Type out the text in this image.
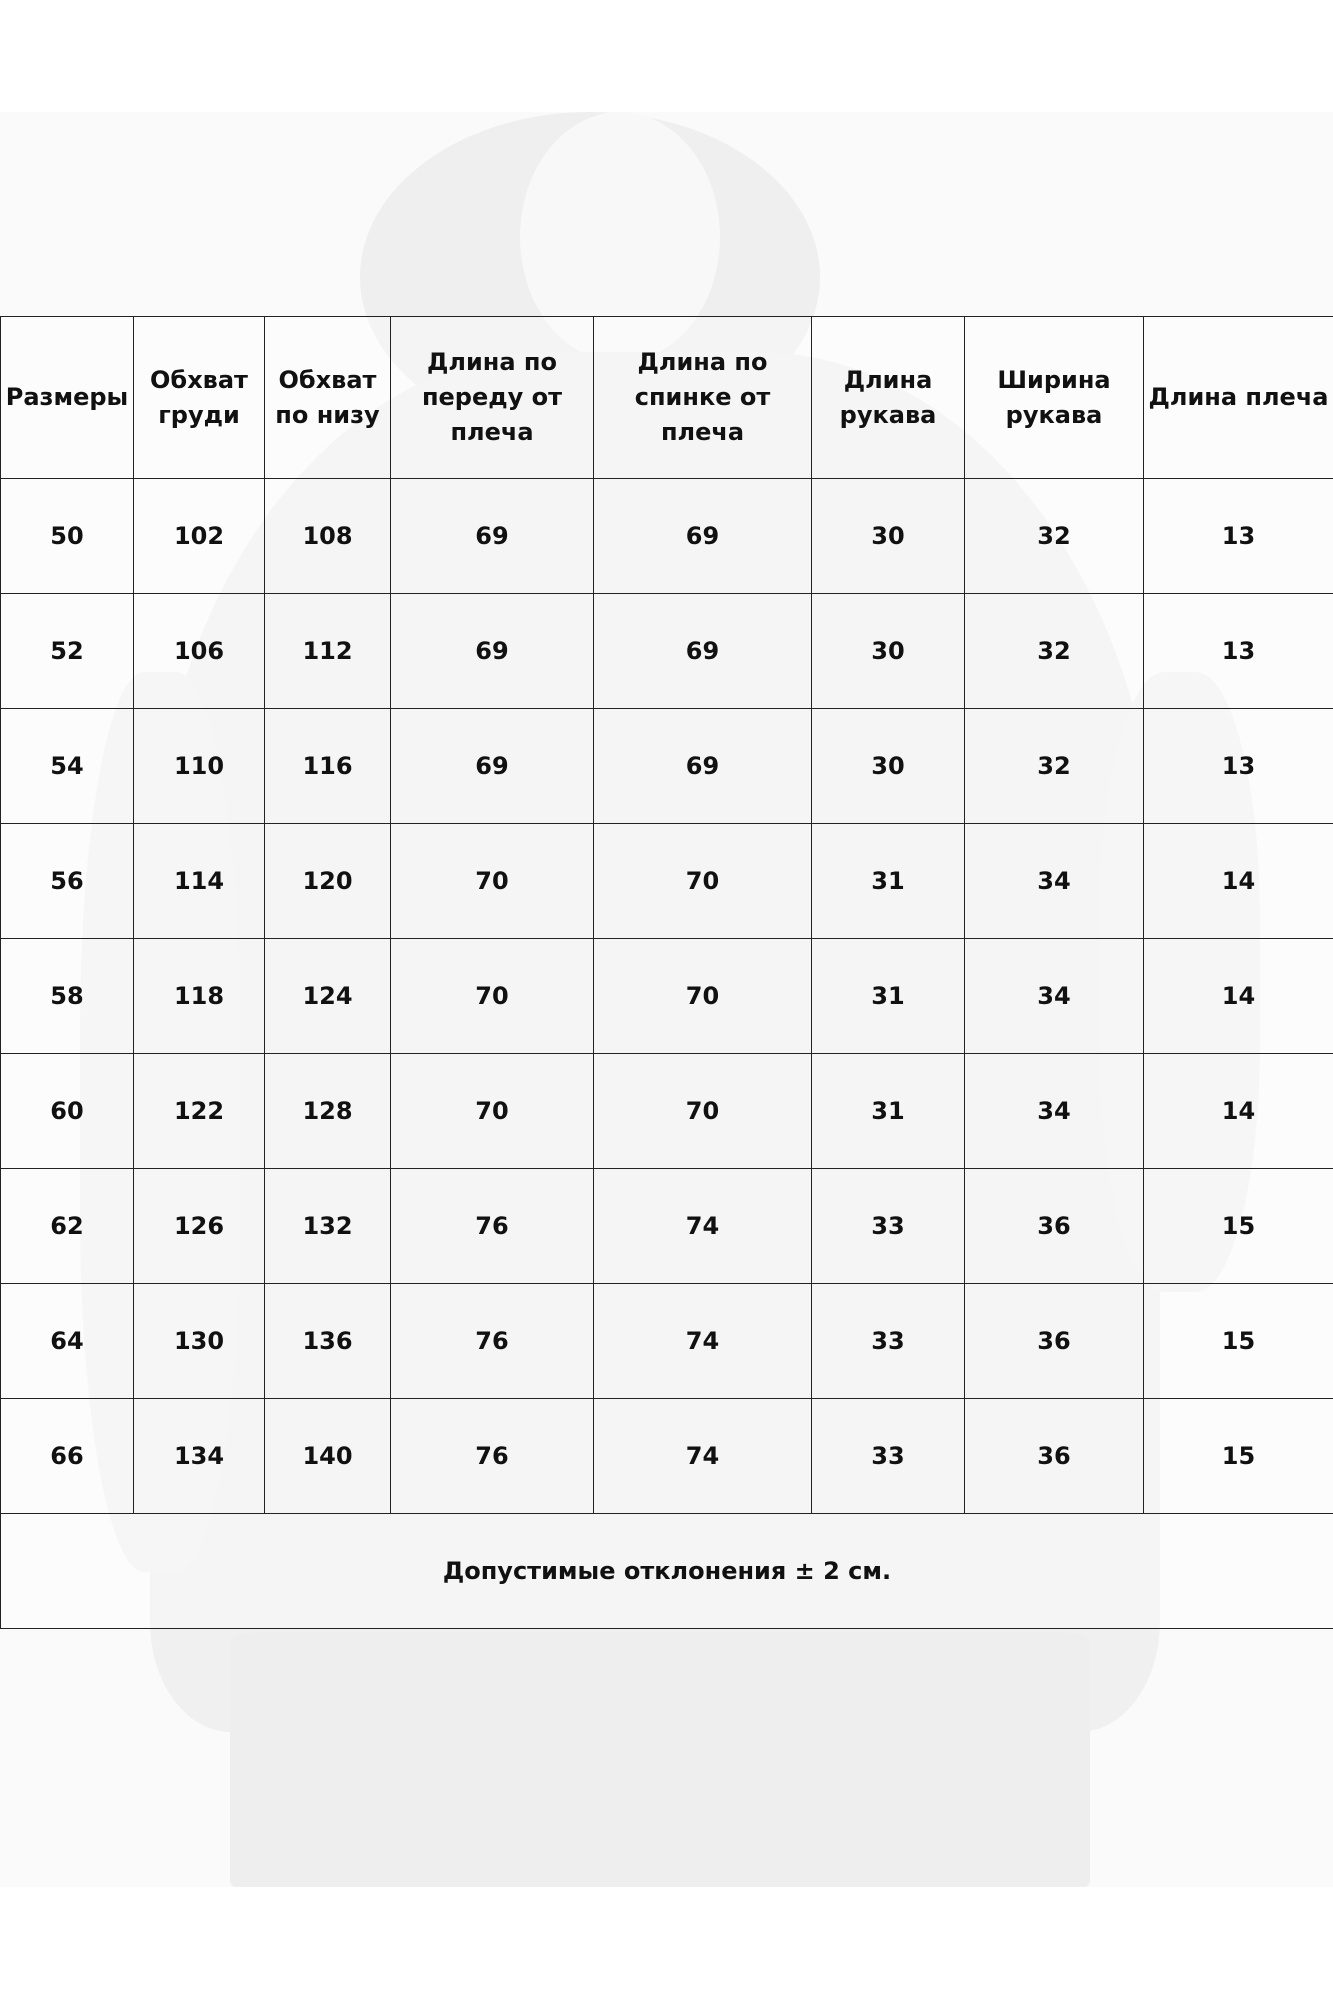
Размеры	Обхват груди	Обхват по низу	Длина по переду от плеча	Длина по спинке от плеча	Длина рукава	Ширина рукава	Длина плеча
50	102	108	69	69	30	32	13
52	106	112	69	69	30	32	13
54	110	116	69	69	30	32	13
56	114	120	70	70	31	34	14
58	118	124	70	70	31	34	14
60	122	128	70	70	31	34	14
62	126	132	76	74	33	36	15
64	130	136	76	74	33	36	15
66	134	140	76	74	33	36	15
Допустимые отклонения ± 2 см.							
